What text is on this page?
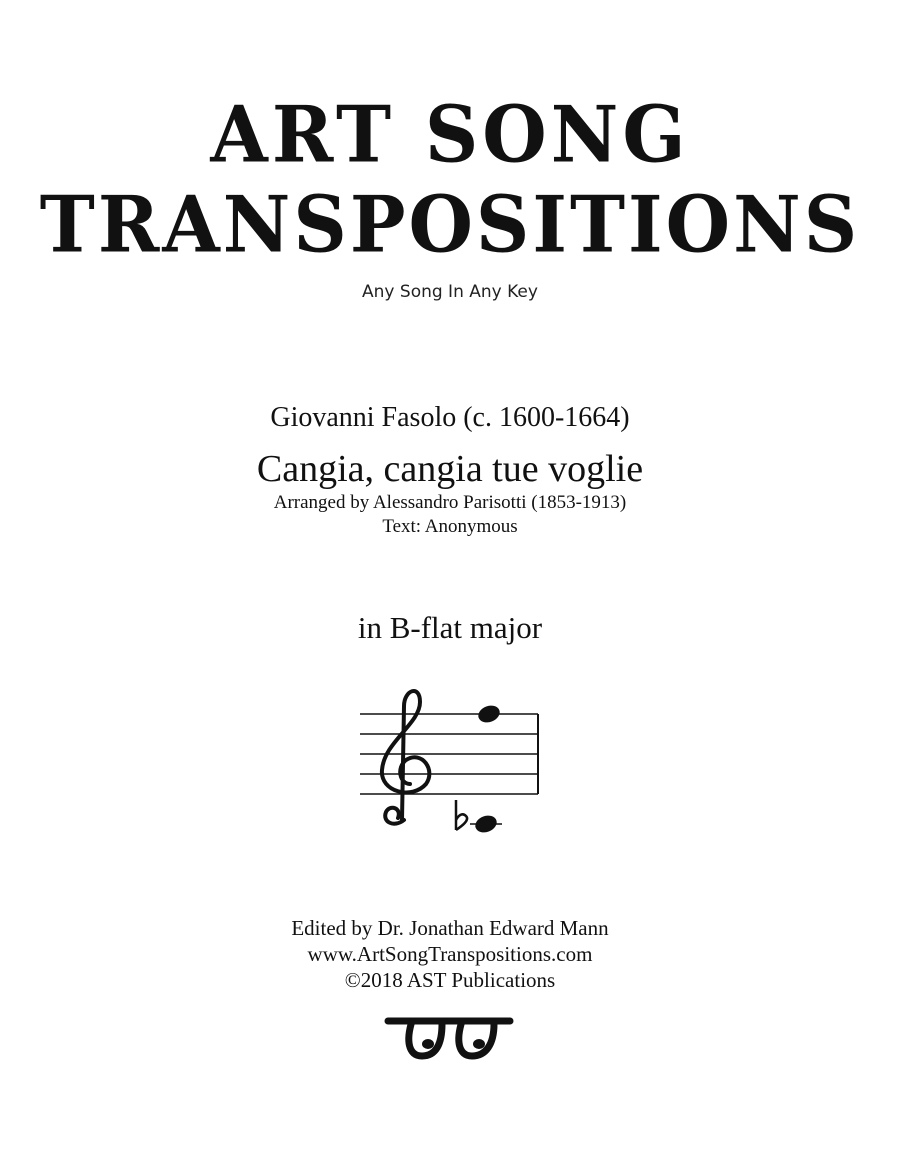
ART SONG
TRANSPOSITIONS
Any Song In Any Key
Giovanni Fasolo (c. 1600-1664)
Cangia, cangia tue voglie
Arranged by Alessandro Parisotti (1853-1913)
Text: Anonymous
in B-flat major
Edited by Dr. Jonathan Edward Mann
www.ArtSongTranspositions.com
©2018 AST Publications
